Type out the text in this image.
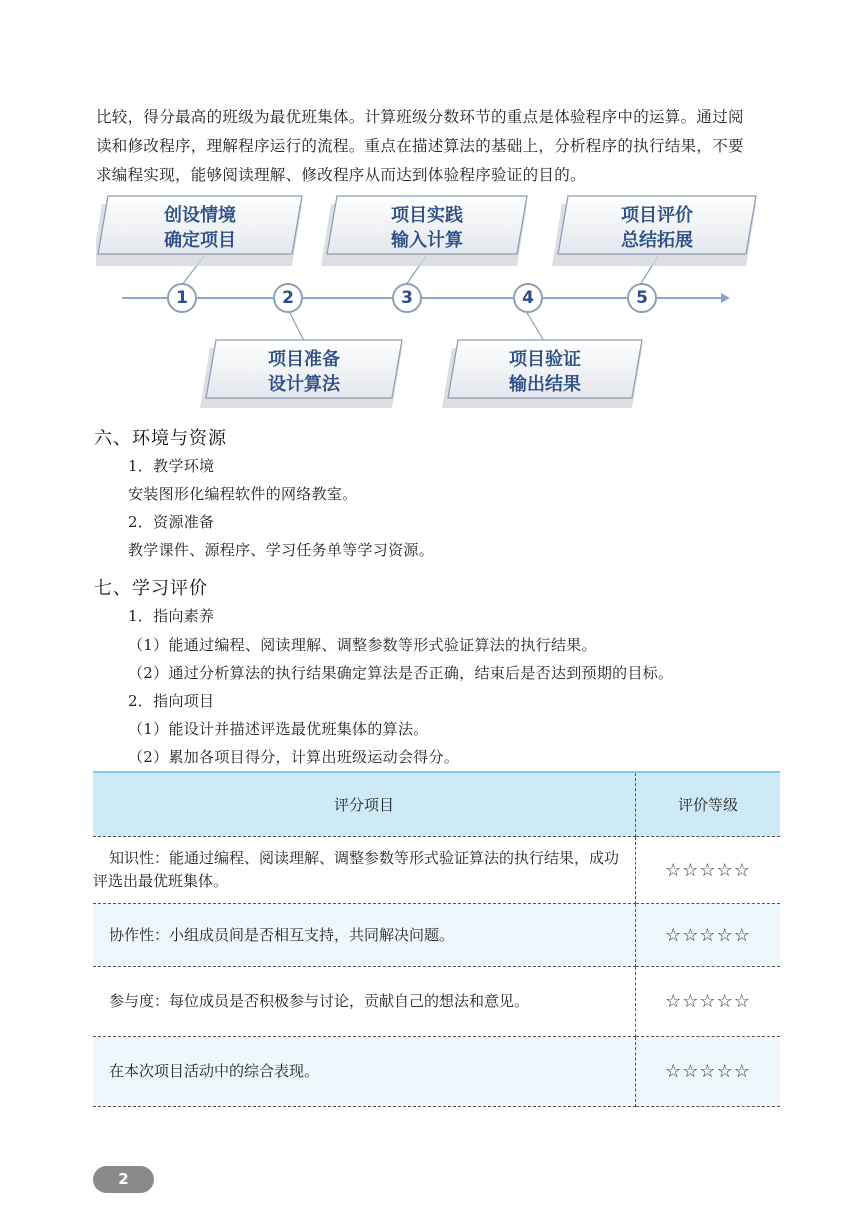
比较，得分最高的班级为最优班集体。计算班级分数环节的重点是体验程序中的运算。通过阅
读和修改程序，理解程序运行的流程。重点在描述算法的基础上，分析程序的执行结果，不要
求编程实现，能够阅读理解、修改程序从而达到体验程序验证的目的。
1	2	3	4	5
创设情境
确定项目
项目实践
输入计算
项目评价
总结拓展
项目准备
设计算法
项目验证
输出结果
六、环境与资源
1．教学环境
安装图形化编程软件的网络教室。
2．资源准备
教学课件、源程序、学习任务单等学习资源。
七、学习评价
1．指向素养
（1）能通过编程、阅读理解、调整参数等形式验证算法的执行结果。
（2）通过分析算法的执行结果确定算法是否正确，结束后是否达到预期的目标。
2．指向项目
（1）能设计并描述评选最优班集体的算法。
（2）累加各项目得分，计算出班级运动会得分。
评分项目	评价等级
知识性：能通过编程、阅读理解、调整参数等形式验证算法的执行结果，成功评选出最优班集体。	☆☆☆☆☆
协作性：小组成员间是否相互支持，共同解决问题。	☆☆☆☆☆
参与度：每位成员是否积极参与讨论，贡献自己的想法和意见。	☆☆☆☆☆
在本次项目活动中的综合表现。	☆☆☆☆☆
2
